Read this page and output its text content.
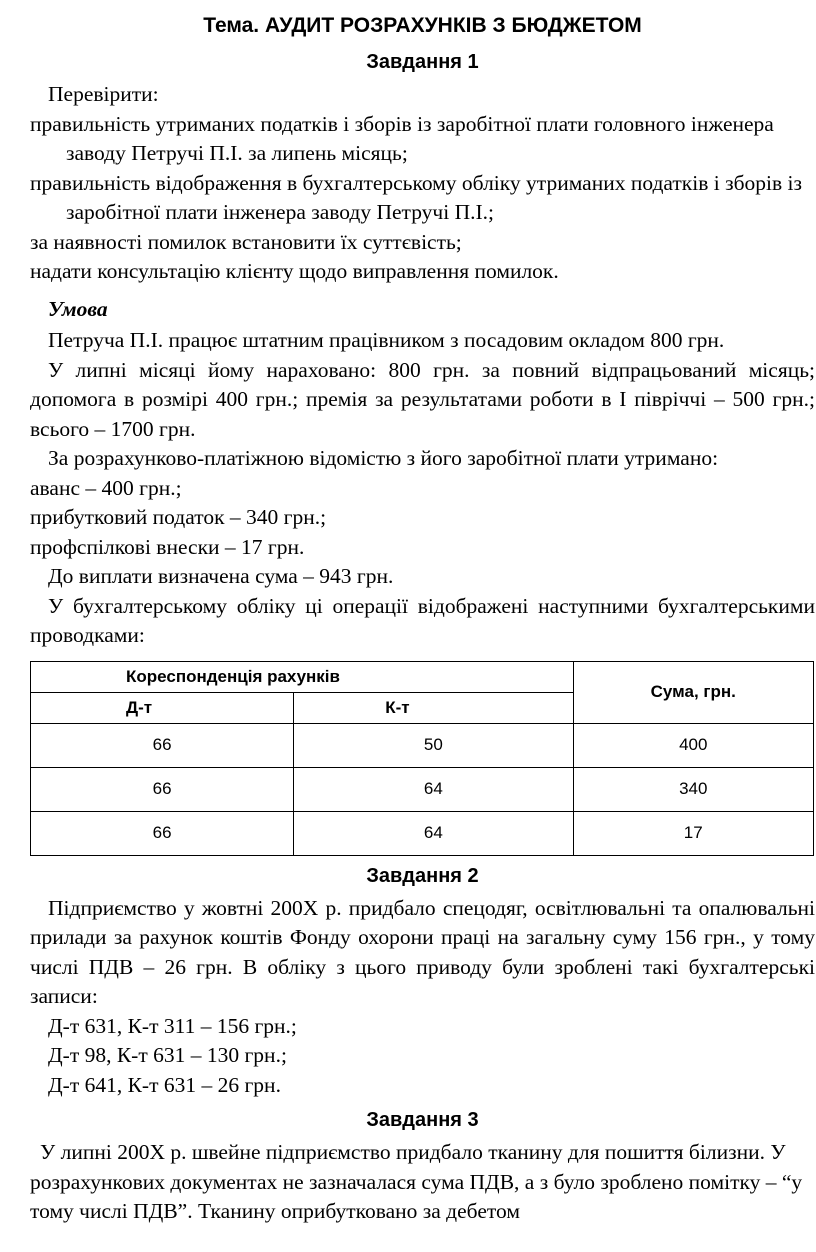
Тема. АУДИТ РОЗРАХУНКІВ З БЮДЖЕТОМ
Завдання 1

Перевірити:

правильність утриманих податків і зборів із заробітної плати головного інженера заводу Петручі П.І. за липень місяць;

правильність відображення в бухгалтерському обліку утриманих податків і зборів із заробітної плати інженера заводу Петручі П.І.;

за наявності помилок встановити їх суттєвість;

надати консультацію клієнту щодо виправлення помилок.

Умова

Петруча П.І. працює штатним працівником з посадовим окладом 800 грн.

У липні місяці йому нараховано: 800 грн. за повний відпрацьований місяць; допомога в розмірі 400 грн.; премія за результатами роботи в І півріччі – 500 грн.; всього – 1700 грн.

За розрахунково-платіжною відомістю з його заробітної плати утримано:

аванс – 400 грн.;

прибутковий податок – 340 грн.;

профспілкові внески – 17 грн.

До виплати визначена сума – 943 грн.

У бухгалтерському обліку ці операції відображені наступними бухгалтерськими проводками:

Кореспонденція рахунків		Сума, грн.
Д-т	К-т	
66	50	400
66	64	340
66	64	17
Завдання 2

Підприємство у жовтні 200Х р. придбало спецодяг, освітлювальні та опалювальні прилади за рахунок коштів Фонду охорони праці на загальну суму 156 грн., у тому числі ПДВ – 26 грн. В обліку з цього приводу були зроблені такі бухгалтерські записи:

Д-т 631, К-т 311 – 156 грн.;

Д-т 98, К-т 631 – 130 грн.;

Д-т 641, К-т 631 – 26 грн.

Завдання 3

У липні 200Х р. швейне підприємство придбало тканину для пошиття білизни. У розрахункових документах не зазначалася сума ПДВ, а з було зроблено помітку – “у тому числі ПДВ”. Тканину оприбутковано за дебетом
